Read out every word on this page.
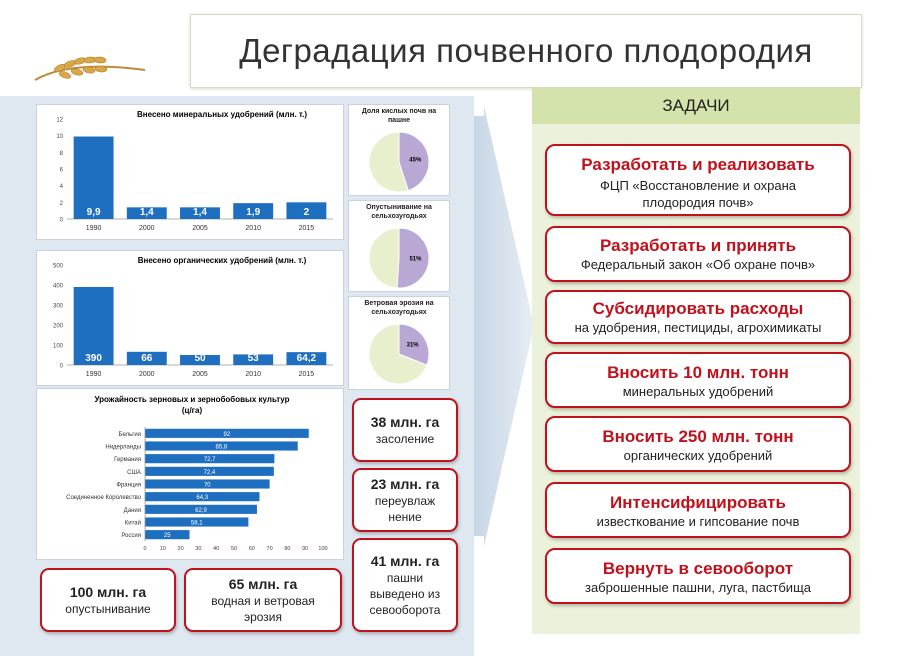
Деградация почвенного плодородия
Внесено минеральных удобрений (млн. т.)
0
2
4
6
8
10
12
9,9
1990
1,4
2000
1,4
2005
1,9
2010
2
2015
Внесено органических удобрений (млн. т.)
0
100
200
300
400
500
390
1990
66
2000
50
2005
53
2010
64,2
2015
Урожайность зерновых и зернобобовых культур
(ц/га)
92
Бельгия
85,8
Нидерланды
72,7
Германия
72,4
США
70
Франция
64,3
Соединенное Королевство
62,9
Дания
58,1
Китай
25
Россия
0 10 20 30 40 50 60 70 80 90 100
Доля кислых почв на пашне
45%
Опустынивание на сельхозугодьях
51%
Ветровая эрозия на сельхозугодьях
31%
38 млн. га
засоление
23 млн. га
переувлаж нение
41 млн. га
пашни выведено из севооборота
100 млн. га
опустынивание
65 млн. га
водная и ветровая эрозия
ЗАДАЧИ
Разработать и реализовать
ФЦП «Восстановление и охрана плодородия почв»
Разработать и принять
Федеральный закон «Об охране почв»
Субсидировать расходы
на удобрения, пестициды, агрохимикаты
Вносить 10 млн. тонн
минеральных удобрений
Вносить 250 млн. тонн
органических удобрений
Интенсифицировать
известкование и гипсование почв
Вернуть в севооборот
заброшенные пашни, луга, пастбища
